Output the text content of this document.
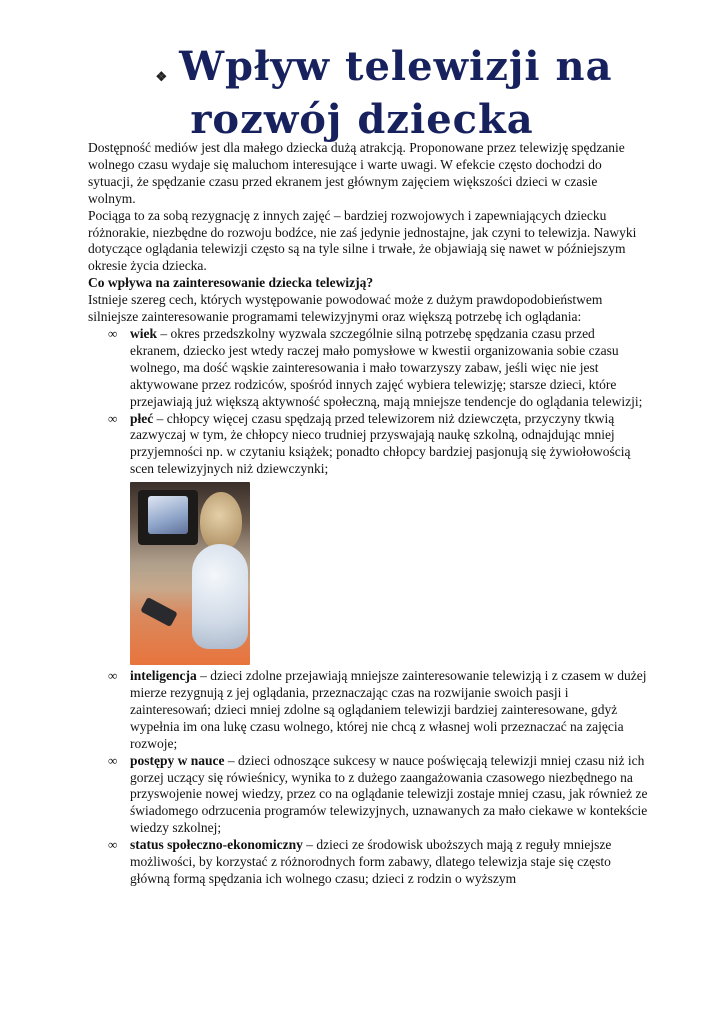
$_❖$ Wpływ telewizji na
rozwój dziecka

Dostępność mediów jest dla małego dziecka dużą atrakcją. Proponowane przez telewizję spędzanie wolnego czasu wydaje się maluchom interesujące i warte uwagi. W efekcie często dochodzi do sytuacji, że spędzanie czasu przed ekranem jest głównym zajęciem większości dzieci w czasie wolnym.

Pociąga to za sobą rezygnację z innych zajęć – bardziej rozwojowych i zapewniających dziecku różnorakie, niezbędne do rozwoju bodźce, nie zaś jedynie jednostajne, jak czyni to telewizja. Nawyki dotyczące oglądania telewizji często są na tyle silne i trwałe, że objawiają się nawet w późniejszym okresie życia dziecka.

Co wpływa na zainteresowanie dziecka telewizją?

Istnieje szereg cech, których występowanie powodować może z dużym prawdopodobieństwem silniejsze zainteresowanie programami telewizyjnymi oraz większą potrzebę ich oglądania:

∞ wiek – okres przedszkolny wyzwala szczególnie silną potrzebę spędzania czasu przed ekranem, dziecko jest wtedy raczej mało pomysłowe w kwestii organizowania sobie czasu wolnego, ma dość wąskie zainteresowania i mało towarzyszy zabaw, jeśli więc nie jest aktywowane przez rodziców, spośród innych zajęć wybiera telewizję; starsze dzieci, które przejawiają już większą aktywność społeczną, mają mniejsze tendencje do oglądania telewizji;
∞ płeć – chłopcy więcej czasu spędzają przed telewizorem niż dziewczęta, przyczyny tkwią zazwyczaj w tym, że chłopcy nieco trudniej przyswajają naukę szkolną, odnajdując mniej przyjemności np. w czytaniu książek; ponadto chłopcy bardziej pasjonują się żywiołowością scen telewizyjnych niż dziewczynki;
∞ inteligencja – dzieci zdolne przejawiają mniejsze zainteresowanie telewizją i z czasem w dużej mierze rezygnują z jej oglądania, przeznaczając czas na rozwijanie swoich pasji i zainteresowań; dzieci mniej zdolne są oglądaniem telewizji bardziej zainteresowane, gdyż wypełnia im ona lukę czasu wolnego, której nie chcą z własnej woli przeznaczać na zajęcia rozwoje;
∞ postępy w nauce – dzieci odnoszące sukcesy w nauce poświęcają telewizji mniej czasu niż ich gorzej uczący się rówieśnicy, wynika to z dużego zaangażowania czasowego niezbędnego na przyswojenie nowej wiedzy, przez co na oglądanie telewizji zostaje mniej czasu, jak również ze świadomego odrzucenia programów telewizyjnych, uznawanych za mało ciekawe w kontekście wiedzy szkolnej;
∞ status społeczno-ekonomiczny – dzieci ze środowisk uboższych mają z reguły mniejsze możliwości, by korzystać z różnorodnych form zabawy, dlatego telewizja staje się często główną formą spędzania ich wolnego czasu; dzieci z rodzin o wyższym
